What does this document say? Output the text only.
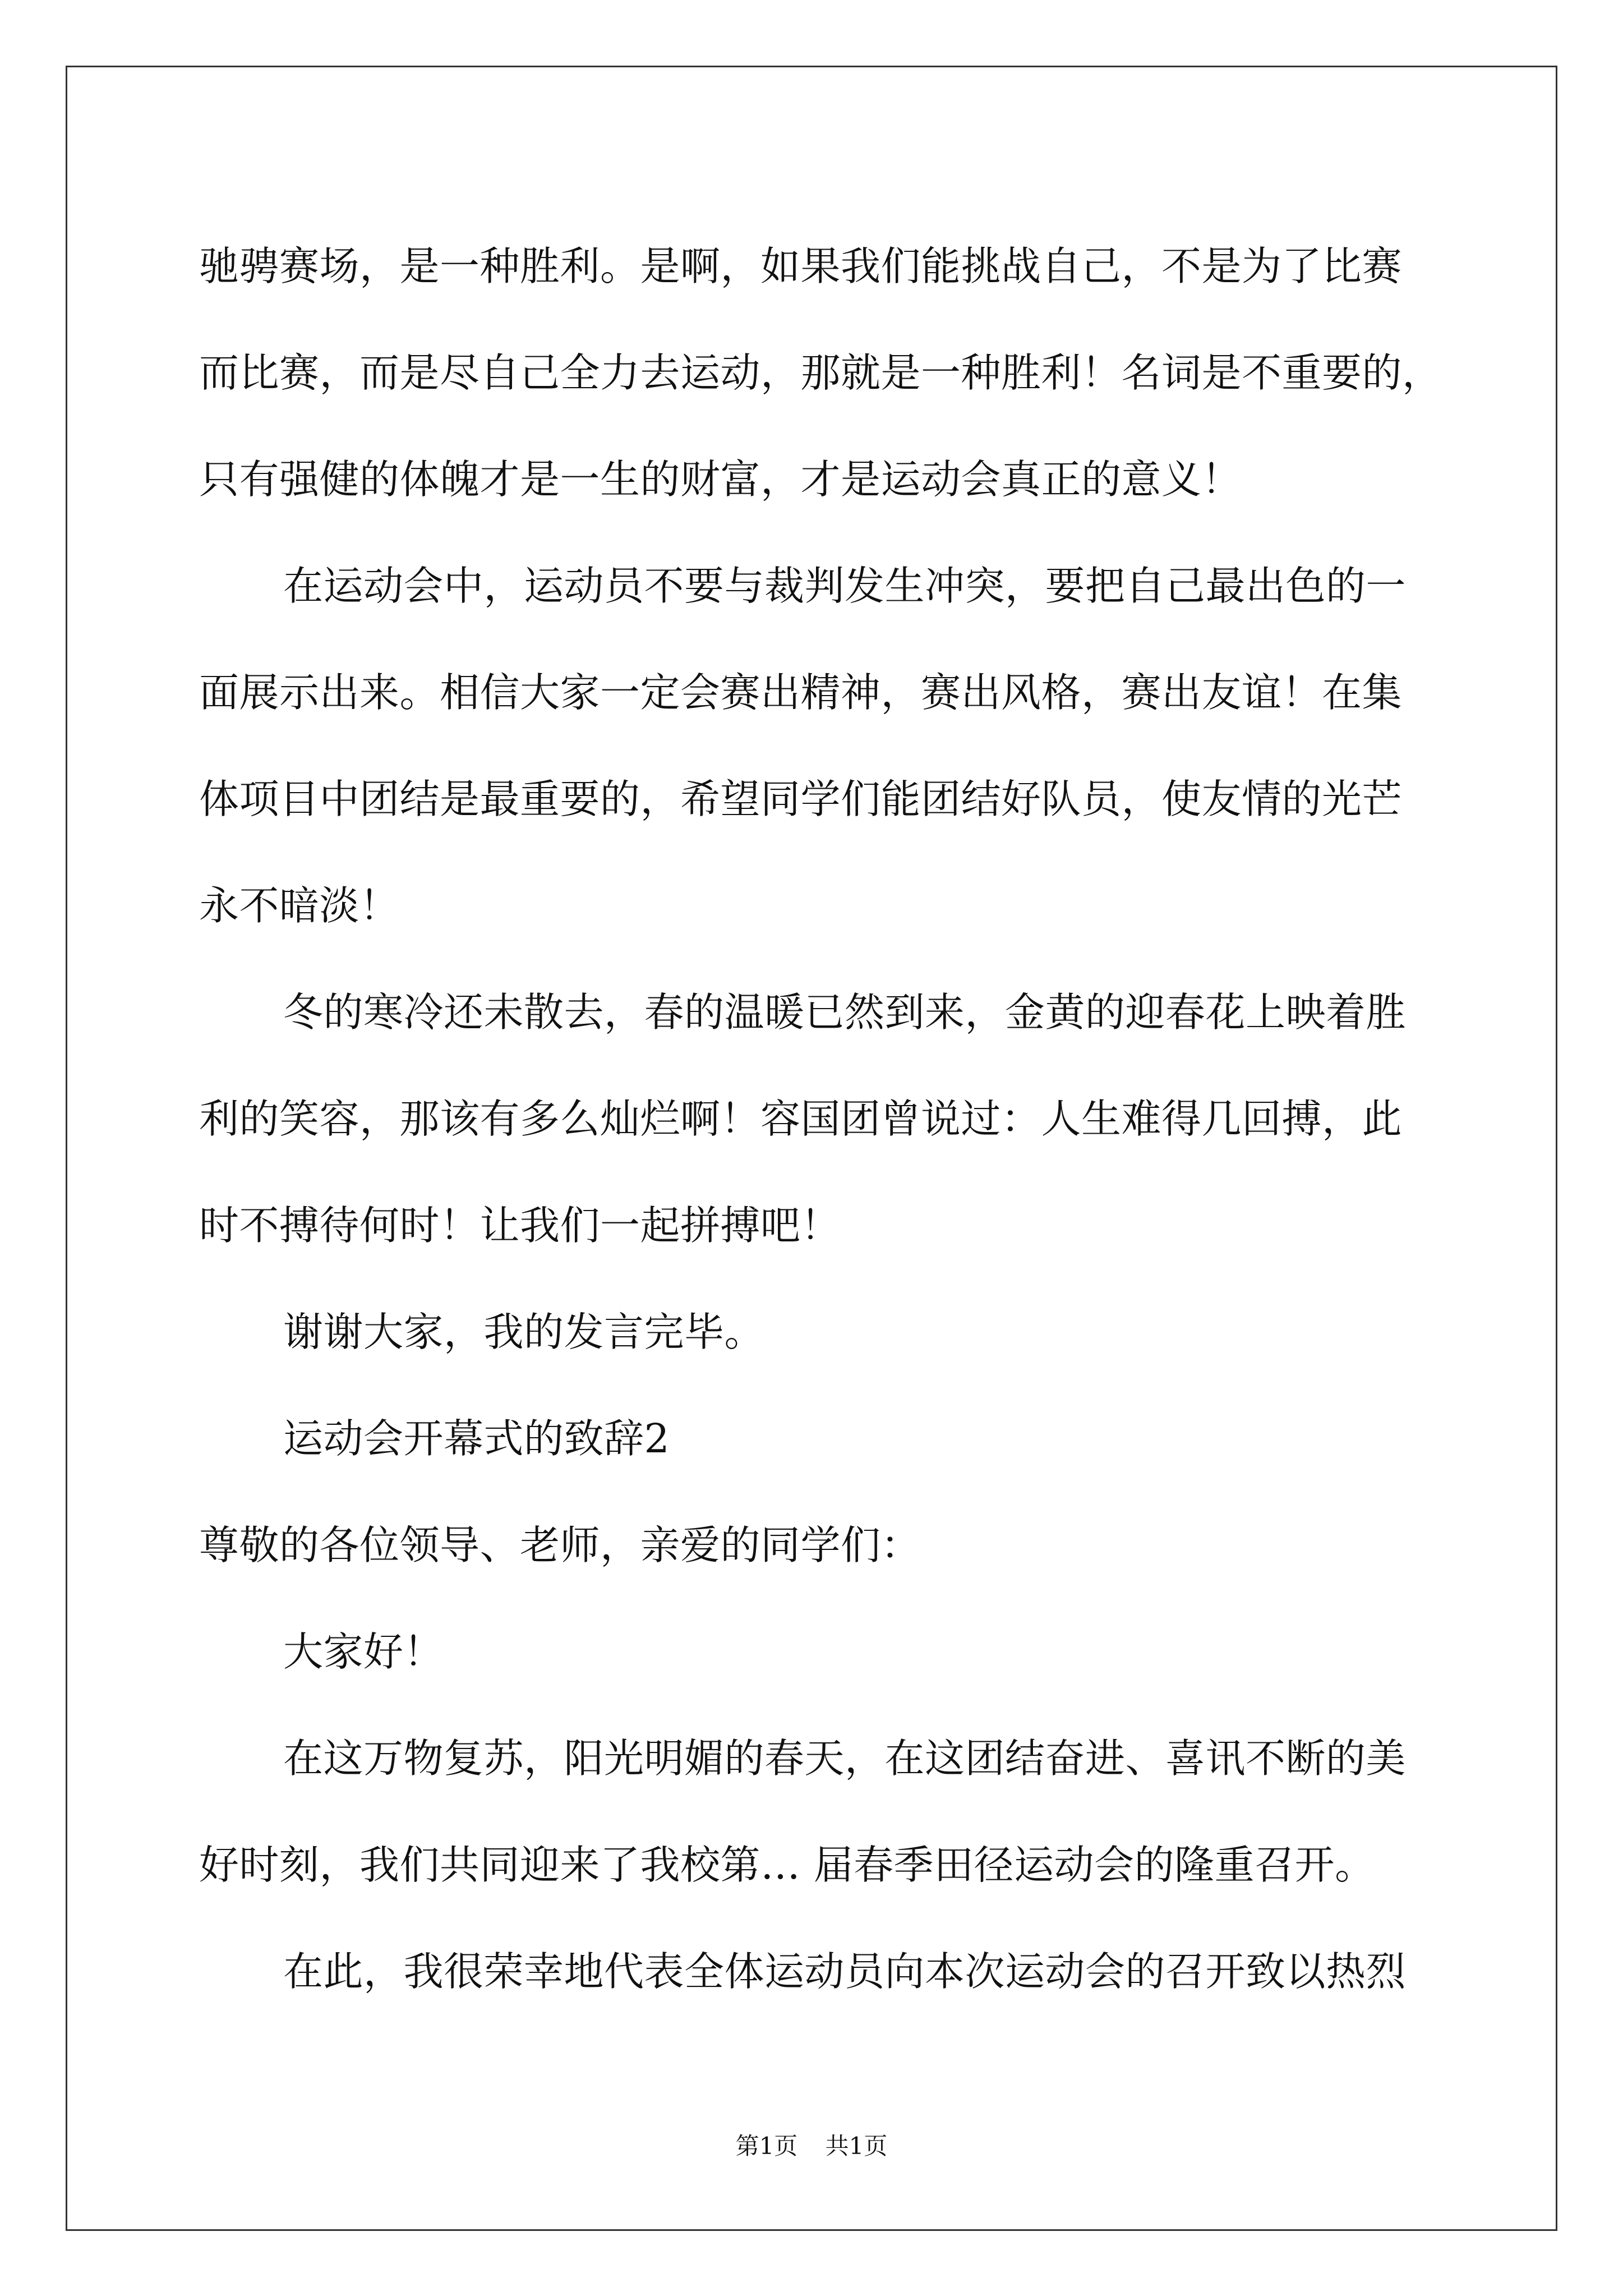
驰骋赛场，是一种胜利。是啊，如果我们能挑战自己，不是为了比赛
而比赛，而是尽自己全力去运动，那就是一种胜利！名词是不重要的，
只有强健的体魄才是一生的财富，才是运动会真正的意义！
在运动会中，运动员不要与裁判发生冲突，要把自己最出色的一
面展示出来。相信大家一定会赛出精神，赛出风格，赛出友谊！在集
体项目中团结是最重要的，希望同学们能团结好队员，使友情的光芒
永不暗淡！
冬的寒冷还未散去，春的温暖已然到来，金黄的迎春花上映着胜
利的笑容，那该有多么灿烂啊！容国团曾说过：人生难得几回搏，此
时不搏待何时！让我们一起拼搏吧！
谢谢大家，我的发言完毕。
运动会开幕式的致辞2
尊敬的各位领导、老师，亲爱的同学们：
大家好！
在这万物复苏，阳光明媚的春天，在这团结奋进、喜讯不断的美
好时刻，我们共同迎来了我校第… 届春季田径运动会的隆重召开。
在此，我很荣幸地代表全体运动员向本次运动会的召开致以热烈
第1页 共1页
